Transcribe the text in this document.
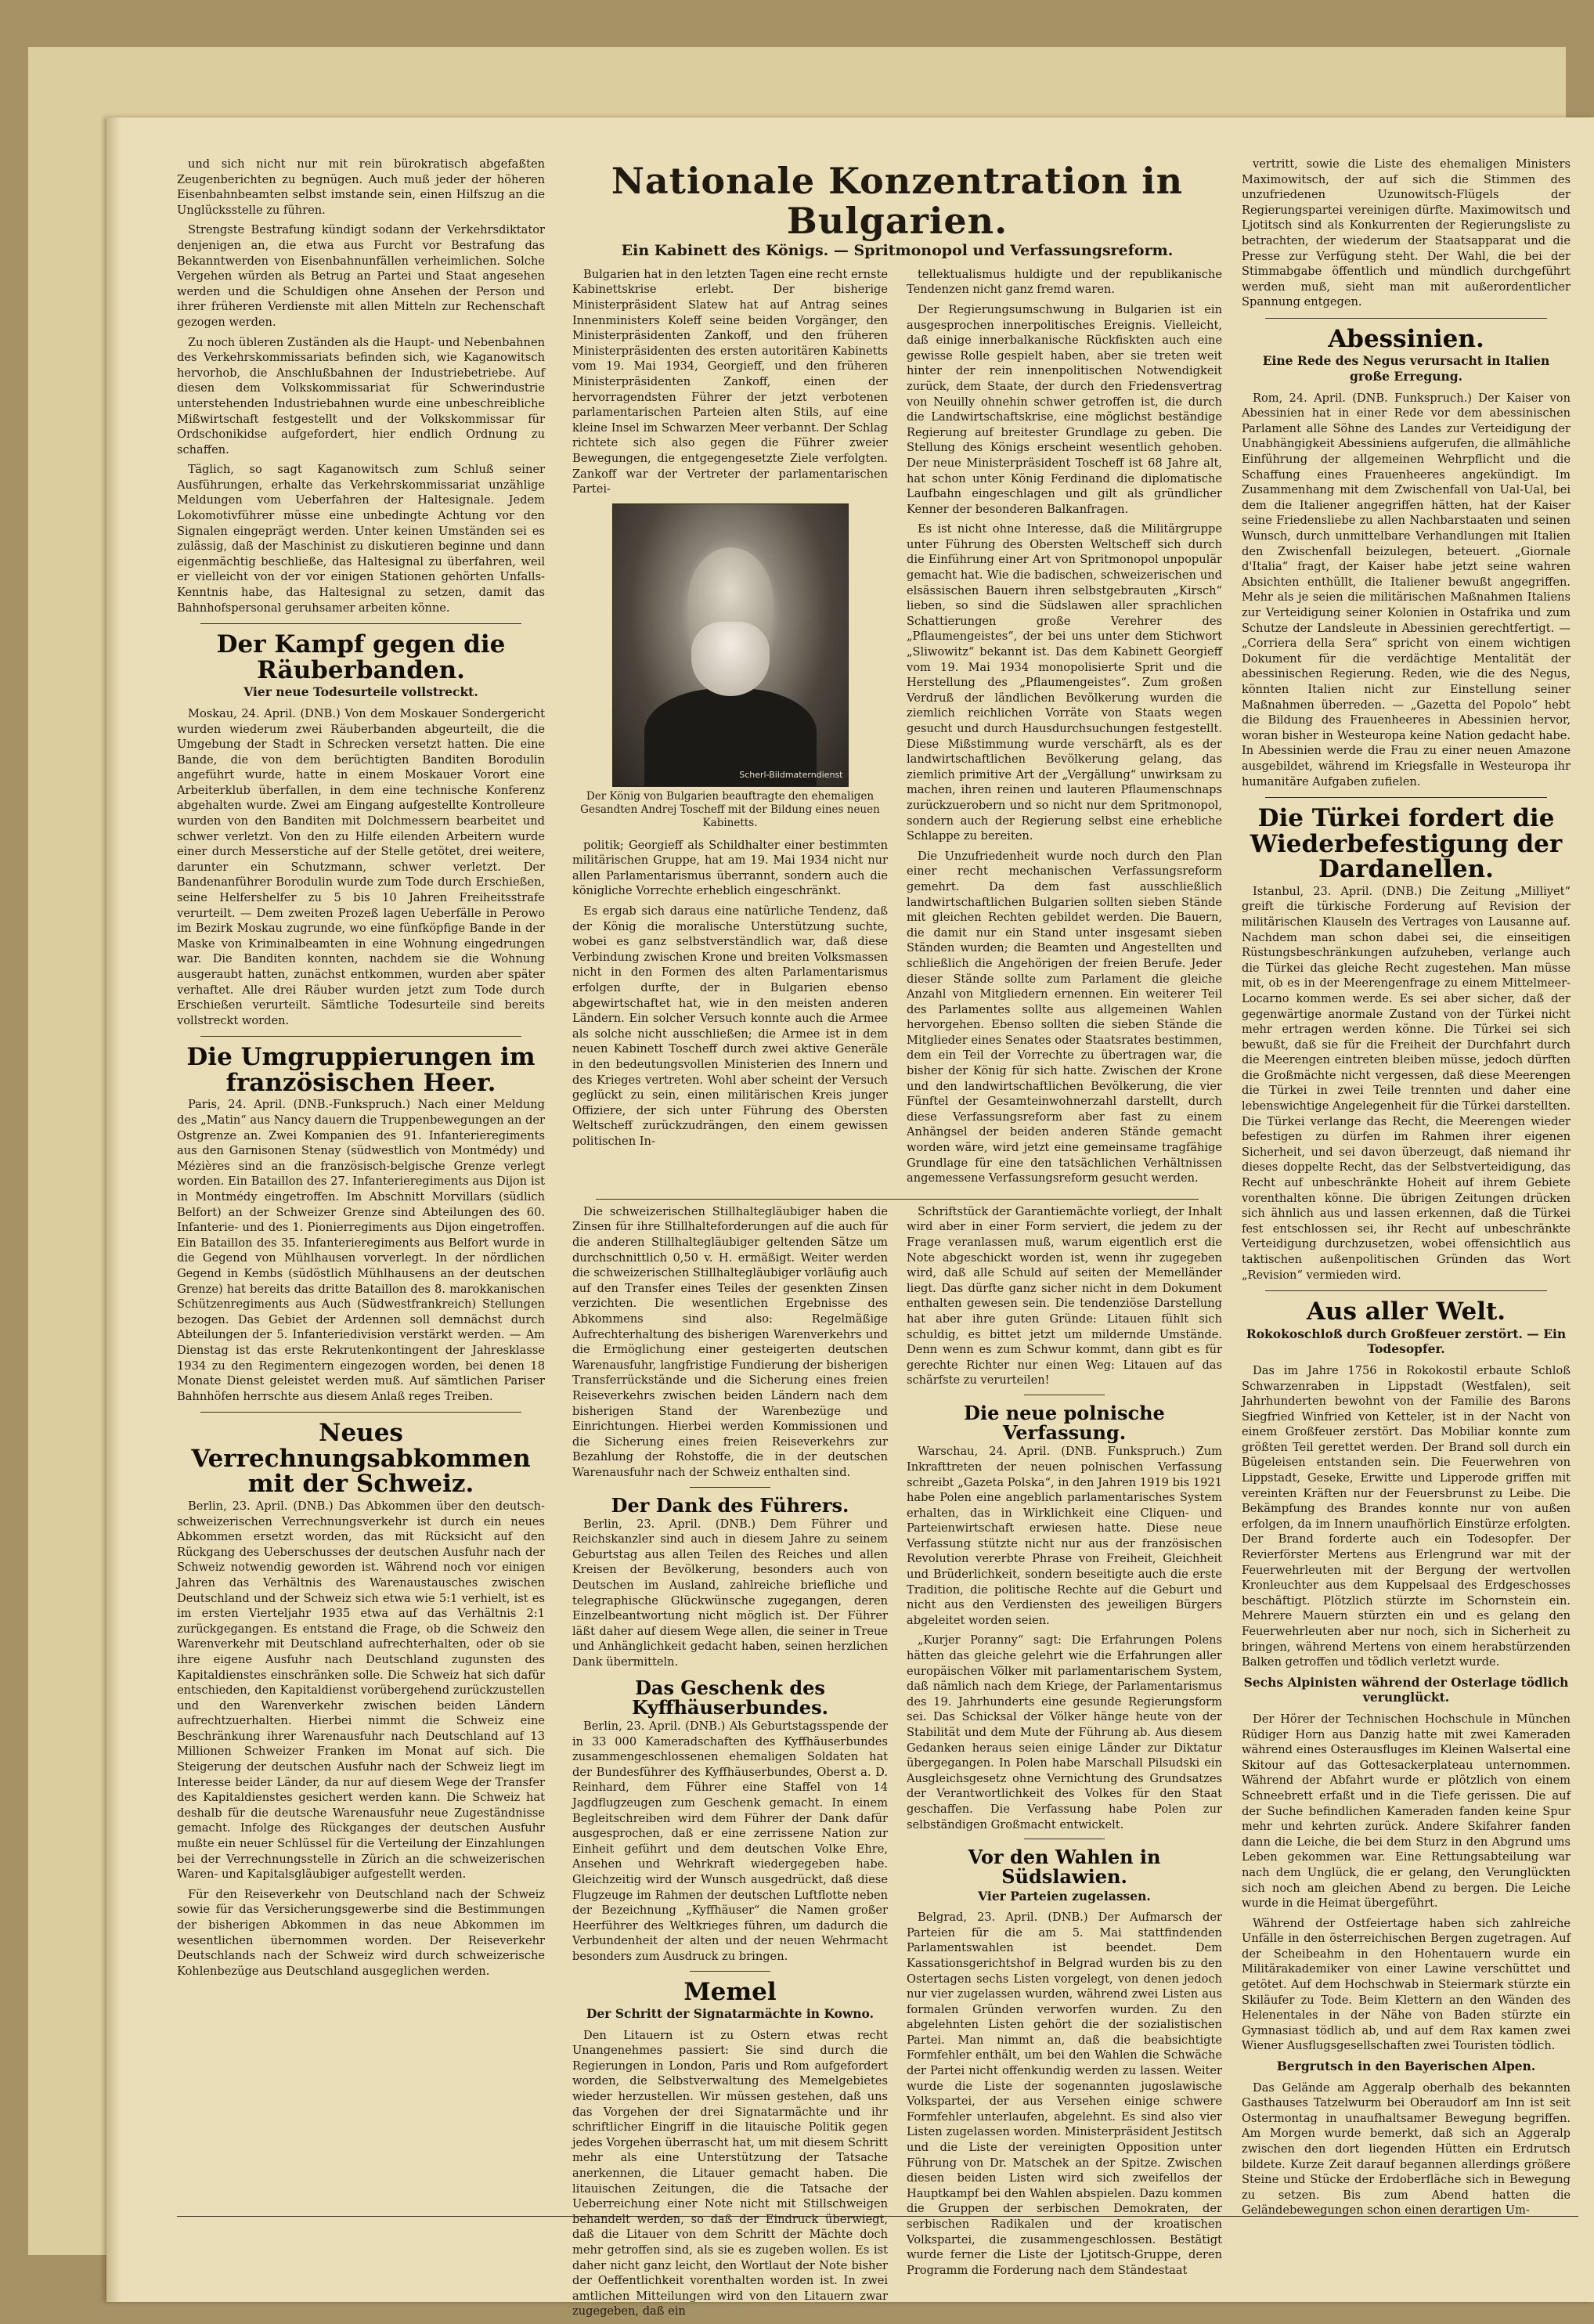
und sich nicht nur mit rein bürokratisch abgefaßten Zeugenberichten zu begnügen. Auch muß jeder der höheren Eisenbahnbeamten selbst imstande sein, einen Hilfszug an die Unglücksstelle zu führen.

Strengste Bestrafung kündigt sodann der Verkehrsdiktator denjenigen an, die etwa aus Furcht vor Bestrafung das Bekanntwerden von Eisenbahnunfällen verheimlichen. Solche Vergehen würden als Betrug an Partei und Staat angesehen werden und die Schuldigen ohne Ansehen der Person und ihrer früheren Verdienste mit allen Mitteln zur Rechenschaft gezogen werden.

Zu noch übleren Zuständen als die Haupt- und Nebenbahnen des Verkehrskommissariats befinden sich, wie Kaganowitsch hervorhob, die Anschlußbahnen der Industriebetriebe. Auf diesen dem Volkskommissariat für Schwerindustrie unterstehenden Industriebahnen wurde eine unbeschreibliche Mißwirtschaft festgestellt und der Volkskommissar für Ordschonikidse aufgefordert, hier endlich Ordnung zu schaffen.

Täglich, so sagt Kaganowitsch zum Schluß seiner Ausführungen, erhalte das Verkehrskommissariat unzählige Meldungen vom Ueberfahren der Haltesignale. Jedem Lokomotivführer müsse eine unbedingte Achtung vor den Signalen eingeprägt werden. Unter keinen Umständen sei es zulässig, daß der Maschinist zu diskutieren beginne und dann eigenmächtig beschließe, das Haltesignal zu überfahren, weil er vielleicht von der vor einigen Stationen gehörten Unfalls-Kenntnis habe, das Haltesignal zu setzen, damit das Bahnhofspersonal geruhsamer arbeiten könne.

Der Kampf gegen die Räuberbanden.
Vier neue Todesurteile vollstreckt.

Moskau, 24. April. (DNB.) Von dem Moskauer Sondergericht wurden wiederum zwei Räuberbanden abgeurteilt, die die Umgebung der Stadt in Schrecken versetzt hatten. Die eine Bande, die von dem berüchtigten Banditen Borodulin angeführt wurde, hatte in einem Moskauer Vorort eine Arbeiterklub überfallen, in dem eine technische Konferenz abgehalten wurde. Zwei am Eingang aufgestellte Kontrolleure wurden von den Banditen mit Dolchmessern bearbeitet und schwer verletzt. Von den zu Hilfe eilenden Arbeitern wurde einer durch Messerstiche auf der Stelle getötet, drei weitere, darunter ein Schutzmann, schwer verletzt. Der Bandenanführer Borodulin wurde zum Tode durch Erschießen, seine Helfershelfer zu 5 bis 10 Jahren Freiheitsstrafe verurteilt. — Dem zweiten Prozeß lagen Ueberfälle in Perowo im Bezirk Moskau zugrunde, wo eine fünfköpfige Bande in der Maske von Kriminalbeamten in eine Wohnung eingedrungen war. Die Banditen konnten, nachdem sie die Wohnung ausgeraubt hatten, zunächst entkommen, wurden aber später verhaftet. Alle drei Räuber wurden jetzt zum Tode durch Erschießen verurteilt. Sämtliche Todesurteile sind bereits vollstreckt worden.

Die Umgruppierungen im französischen Heer.

Paris, 24. April. (DNB.-Funkspruch.) Nach einer Meldung des „Matin“ aus Nancy dauern die Truppenbewegungen an der Ostgrenze an. Zwei Kompanien des 91. Infanterieregiments aus den Garnisonen Stenay (südwestlich von Montmédy) und Mézières sind an die französisch-belgische Grenze verlegt worden. Ein Bataillon des 27. Infanterieregiments aus Dijon ist in Montmédy eingetroffen. Im Abschnitt Morvillars (südlich Belfort) an der Schweizer Grenze sind Abteilungen des 60. Infanterie- und des 1. Pionierregiments aus Dijon eingetroffen. Ein Bataillon des 35. Infanterieregiments aus Belfort wurde in die Gegend von Mühlhausen vorverlegt. In der nördlichen Gegend in Kembs (südöstlich Mühlhausens an der deutschen Grenze) hat bereits das dritte Bataillon des 8. marokkanischen Schützenregiments aus Auch (Südwestfrankreich) Stellungen bezogen. Das Gebiet der Ardennen soll demnächst durch Abteilungen der 5. Infanteriedivision verstärkt werden. — Am Dienstag ist das erste Rekrutenkontingent der Jahresklasse 1934 zu den Regimentern eingezogen worden, bei denen 18 Monate Dienst geleistet werden muß. Auf sämtlichen Pariser Bahnhöfen herrschte aus diesem Anlaß reges Treiben.

Neues Verrechnungsabkommen mit der Schweiz.

Berlin, 23. April. (DNB.) Das Abkommen über den deutsch-schweizerischen Verrechnungsverkehr ist durch ein neues Abkommen ersetzt worden, das mit Rücksicht auf den Rückgang des Ueberschusses der deutschen Ausfuhr nach der Schweiz notwendig geworden ist. Während noch vor einigen Jahren das Verhältnis des Warenaustausches zwischen Deutschland und der Schweiz sich etwa wie 5:1 verhielt, ist es im ersten Vierteljahr 1935 etwa auf das Verhältnis 2:1 zurückgegangen. Es entstand die Frage, ob die Schweiz den Warenverkehr mit Deutschland aufrechterhalten, oder ob sie ihre eigene Ausfuhr nach Deutschland zugunsten des Kapitaldienstes einschränken solle. Die Schweiz hat sich dafür entschieden, den Kapitaldienst vorübergehend zurückzustellen und den Warenverkehr zwischen beiden Ländern aufrechtzuerhalten. Hierbei nimmt die Schweiz eine Beschränkung ihrer Warenausfuhr nach Deutschland auf 13 Millionen Schweizer Franken im Monat auf sich. Die Steigerung der deutschen Ausfuhr nach der Schweiz liegt im Interesse beider Länder, da nur auf diesem Wege der Transfer des Kapitaldienstes gesichert werden kann. Die Schweiz hat deshalb für die deutsche Warenausfuhr neue Zugeständnisse gemacht. Infolge des Rückganges der deutschen Ausfuhr mußte ein neuer Schlüssel für die Verteilung der Einzahlungen bei der Verrechnungsstelle in Zürich an die schweizerischen Waren- und Kapitalsgläubiger aufgestellt werden.

Für den Reiseverkehr von Deutschland nach der Schweiz sowie für das Versicherungsgewerbe sind die Bestimmungen der bisherigen Abkommen in das neue Abkommen im wesentlichen übernommen worden. Der Reiseverkehr Deutschlands nach der Schweiz wird durch schweizerische Kohlenbezüge aus Deutschland ausgeglichen werden.

Nationale Konzentration in Bulgarien.
Ein Kabinett des Königs. — Spritmonopol und Verfassungsreform.

Bulgarien hat in den letzten Tagen eine recht ernste Kabinettskrise erlebt. Der bisherige Ministerpräsident Slatew hat auf Antrag seines Innenministers Koleff seine beiden Vorgänger, den Ministerpräsidenten Zankoff, und den früheren Ministerpräsidenten des ersten autoritären Kabinetts vom 19. Mai 1934, Georgieff, und den früheren Ministerpräsidenten Zankoff, einen der hervorragendsten Führer der jetzt verbotenen parlamentarischen Parteien alten Stils, auf eine kleine Insel im Schwarzen Meer verbannt. Der Schlag richtete sich also gegen die Führer zweier Bewegungen, die entgegengesetzte Ziele verfolgten. Zankoff war der Vertreter der parlamentarischen Partei-

Scherl-Bildmaterndienst
Der König von Bulgarien beauftragte den ehemaligen Gesandten Andrej Toscheff mit der Bildung eines neuen Kabinetts.

politik; Georgieff als Schildhalter einer bestimmten militärischen Gruppe, hat am 19. Mai 1934 nicht nur allen Parlamentarismus überrannt, sondern auch die königliche Vorrechte erheblich eingeschränkt.

Es ergab sich daraus eine natürliche Tendenz, daß der König die moralische Unterstützung suchte, wobei es ganz selbstverständlich war, daß diese Verbindung zwischen Krone und breiten Volksmassen nicht in den Formen des alten Parlamentarismus erfolgen durfte, der in Bulgarien ebenso abgewirtschaftet hat, wie in den meisten anderen Ländern. Ein solcher Versuch konnte auch die Armee als solche nicht ausschließen; die Armee ist in dem neuen Kabinett Toscheff durch zwei aktive Generäle in den bedeutungsvollen Ministerien des Innern und des Krieges vertreten. Wohl aber scheint der Versuch geglückt zu sein, einen militärischen Kreis junger Offiziere, der sich unter Führung des Obersten Weltscheff zurückzudrängen, den einem gewissen politischen In-

tellektualismus huldigte und der republikanische Tendenzen nicht ganz fremd waren.

Der Regierungsumschwung in Bulgarien ist ein ausgesprochen innerpolitisches Ereignis. Vielleicht, daß einige innerbalkanische Rückfiskten auch eine gewisse Rolle gespielt haben, aber sie treten weit hinter der rein innenpolitischen Notwendigkeit zurück, dem Staate, der durch den Friedensvertrag von Neuilly ohnehin schwer getroffen ist, die durch die Landwirtschaftskrise, eine möglichst beständige Regierung auf breitester Grundlage zu geben. Die Stellung des Königs erscheint wesentlich gehoben. Der neue Ministerpräsident Toscheff ist 68 Jahre alt, hat schon unter König Ferdinand die diplomatische Laufbahn eingeschlagen und gilt als gründlicher Kenner der besonderen Balkanfragen.

Es ist nicht ohne Interesse, daß die Militärgruppe unter Führung des Obersten Weltscheff sich durch die Einführung einer Art von Spritmonopol unpopulär gemacht hat. Wie die badischen, schweizerischen und elsässischen Bauern ihren selbstgebrauten „Kirsch“ lieben, so sind die Südslawen aller sprachlichen Schattierungen große Verehrer des „Pflaumengeistes“, der bei uns unter dem Stichwort „Sliwowitz“ bekannt ist. Das dem Kabinett Georgieff vom 19. Mai 1934 monopolisierte Sprit und die Herstellung des „Pflaumengeistes“. Zum großen Verdruß der ländlichen Bevölkerung wurden die ziemlich reichlichen Vorräte von Staats wegen gesucht und durch Hausdurchsuchungen festgestellt. Diese Mißstimmung wurde verschärft, als es der landwirtschaftlichen Bevölkerung gelang, das ziemlich primitive Art der „Vergällung“ unwirksam zu machen, ihren reinen und lauteren Pflaumenschnaps zurückzuerobern und so nicht nur dem Spritmonopol, sondern auch der Regierung selbst eine erhebliche Schlappe zu bereiten.

Die Unzufriedenheit wurde noch durch den Plan einer recht mechanischen Verfassungsreform gemehrt. Da dem fast ausschließlich landwirtschaftlichen Bulgarien sollten sieben Stände mit gleichen Rechten gebildet werden. Die Bauern, die damit nur ein Stand unter insgesamt sieben Ständen wurden; die Beamten und Angestellten und schließlich die Angehörigen der freien Berufe. Jeder dieser Stände sollte zum Parlament die gleiche Anzahl von Mitgliedern ernennen. Ein weiterer Teil des Parlamentes sollte aus allgemeinen Wahlen hervorgehen. Ebenso sollten die sieben Stände die Mitglieder eines Senates oder Staatsrates bestimmen, dem ein Teil der Vorrechte zu übertragen war, die bisher der König für sich hatte. Zwischen der Krone und den landwirtschaftlichen Bevölkerung, die vier Fünftel der Gesamteinwohnerzahl darstellt, durch diese Verfassungsreform aber fast zu einem Anhängsel der beiden anderen Stände gemacht worden wäre, wird jetzt eine gemeinsame tragfähige Grundlage für eine den tatsächlichen Verhältnissen angemessene Verfassungsreform gesucht werden.

Die schweizerischen Stillhaltegläubiger haben die Zinsen für ihre Stillhalteforderungen auf die auch für die anderen Stillhaltegläubiger geltenden Sätze um durchschnittlich 0,50 v. H. ermäßigt. Weiter werden die schweizerischen Stillhaltegläubiger vorläufig auch auf den Transfer eines Teiles der gesenkten Zinsen verzichten. Die wesentlichen Ergebnisse des Abkommens sind also: Regelmäßige Aufrechterhaltung des bisherigen Warenverkehrs und die Ermöglichung einer gesteigerten deutschen Warenausfuhr, langfristige Fundierung der bisherigen Transferrückstände und die Sicherung eines freien Reiseverkehrs zwischen beiden Ländern nach dem bisherigen Stand der Warenbezüge und Einrichtungen. Hierbei werden Kommissionen und die Sicherung eines freien Reiseverkehrs zur Bezahlung der Rohstoffe, die in der deutschen Warenausfuhr nach der Schweiz enthalten sind.

Der Dank des Führers.

Berlin, 23. April. (DNB.) Dem Führer und Reichskanzler sind auch in diesem Jahre zu seinem Geburtstag aus allen Teilen des Reiches und allen Kreisen der Bevölkerung, besonders auch von Deutschen im Ausland, zahlreiche briefliche und telegraphische Glückwünsche zugegangen, deren Einzelbeantwortung nicht möglich ist. Der Führer läßt daher auf diesem Wege allen, die seiner in Treue und Anhänglichkeit gedacht haben, seinen herzlichen Dank übermitteln.

Das Geschenk des Kyffhäuserbundes.

Berlin, 23. April. (DNB.) Als Geburtstagsspende der in 33 000 Kameradschaften des Kyffhäuserbundes zusammengeschlossenen ehemaligen Soldaten hat der Bundesführer des Kyffhäuserbundes, Oberst a. D. Reinhard, dem Führer eine Staffel von 14 Jagdflugzeugen zum Geschenk gemacht. In einem Begleitschreiben wird dem Führer der Dank dafür ausgesprochen, daß er eine zerrissene Nation zur Einheit geführt und dem deutschen Volke Ehre, Ansehen und Wehrkraft wiedergegeben habe. Gleichzeitig wird der Wunsch ausgedrückt, daß diese Flugzeuge im Rahmen der deutschen Luftflotte neben der Bezeichnung „Kyffhäuser“ die Namen großer Heerführer des Weltkrieges führen, um dadurch die Verbundenheit der alten und der neuen Wehrmacht besonders zum Ausdruck zu bringen.

Memel
Der Schritt der Signatarmächte in Kowno.

Den Litauern ist zu Ostern etwas recht Unangenehmes passiert: Sie sind durch die Regierungen in London, Paris und Rom aufgefordert worden, die Selbstverwaltung des Memelgebietes wieder herzustellen. Wir müssen gestehen, daß uns das Vorgehen der drei Signatarmächte und ihr schriftlicher Eingriff in die litauische Politik gegen jedes Vorgehen überrascht hat, um mit diesem Schritt mehr als eine Unterstützung der Tatsache anerkennen, die Litauer gemacht haben. Die litauischen Zeitungen, die die Tatsache der Ueberreichung einer Note nicht mit Stillschweigen behandelt werden, so daß der Eindruck überwiegt, daß die Litauer von dem Schritt der Mächte doch mehr getroffen sind, als sie es zugeben wollen. Es ist daher nicht ganz leicht, den Wortlaut der Note bisher der Oeffentlichkeit vorenthalten worden ist. In zwei amtlichen Mitteilungen wird von den Litauern zwar zugegeben, daß ein

Schriftstück der Garantiemächte vorliegt, der Inhalt wird aber in einer Form serviert, die jedem zu der Frage veranlassen muß, warum eigentlich erst die Note abgeschickt worden ist, wenn ihr zugegeben wird, daß alle Schuld auf seiten der Memelländer liegt. Das dürfte ganz sicher nicht in dem Dokument enthalten gewesen sein. Die tendenziöse Darstellung hat aber ihre guten Gründe: Litauen fühlt sich schuldig, es bittet jetzt um mildernde Umstände. Denn wenn es zum Schwur kommt, dann gibt es für gerechte Richter nur einen Weg: Litauen auf das schärfste zu verurteilen!

Die neue polnische Verfassung.

Warschau, 24. April. (DNB. Funkspruch.) Zum Inkrafttreten der neuen polnischen Verfassung schreibt „Gazeta Polska“, in den Jahren 1919 bis 1921 habe Polen eine angeblich parlamentarisches System erhalten, das in Wirklichkeit eine Cliquen- und Parteienwirtschaft erwiesen hatte. Diese neue Verfassung stützte nicht nur aus der französischen Revolution vererbte Phrase von Freiheit, Gleichheit und Brüderlichkeit, sondern beseitigte auch die erste Tradition, die politische Rechte auf die Geburt und nicht aus den Verdiensten des jeweiligen Bürgers abgeleitet worden seien.

„Kurjer Poranny“ sagt: Die Erfahrungen Polens hätten das gleiche gelehrt wie die Erfahrungen aller europäischen Völker mit parlamentarischem System, daß nämlich nach dem Kriege, der Parlamentarismus des 19. Jahrhunderts eine gesunde Regierungsform sei. Das Schicksal der Völker hänge heute von der Stabilität und dem Mute der Führung ab. Aus diesem Gedanken heraus seien einige Länder zur Diktatur übergegangen. In Polen habe Marschall Pilsudski ein Ausgleichsgesetz ohne Vernichtung des Grundsatzes der Verantwortlichkeit des Volkes für den Staat geschaffen. Die Verfassung habe Polen zur selbständigen Großmacht entwickelt.

Vor den Wahlen in Südslawien.
Vier Parteien zugelassen.

Belgrad, 23. April. (DNB.) Der Aufmarsch der Parteien für die am 5. Mai stattfindenden Parlamentswahlen ist beendet. Dem Kassationsgerichtshof in Belgrad wurden bis zu den Ostertagen sechs Listen vorgelegt, von denen jedoch nur vier zugelassen wurden, während zwei Listen aus formalen Gründen verworfen wurden. Zu den abgelehnten Listen gehört die der sozialistischen Partei. Man nimmt an, daß die beabsichtigte Formfehler enthält, um bei den Wahlen die Schwäche der Partei nicht offenkundig werden zu lassen. Weiter wurde die Liste der sogenannten jugoslawische Volkspartei, der aus Versehen einige schwere Formfehler unterlaufen, abgelehnt. Es sind also vier Listen zugelassen worden. Ministerpräsident Jestitsch und die Liste der vereinigten Opposition unter Führung von Dr. Matschek an der Spitze. Zwischen diesen beiden Listen wird sich zweifellos der Hauptkampf bei den Wahlen abspielen. Dazu kommen die Gruppen der serbischen Demokraten, der serbischen Radikalen und der kroatischen Volkspartei, die zusammengeschlossen. Bestätigt wurde ferner die Liste der Ljotitsch-Gruppe, deren Programm die Forderung nach dem Ständestaat

vertritt, sowie die Liste des ehemaligen Ministers Maximowitsch, der auf sich die Stimmen des unzufriedenen Uzunowitsch-Flügels der Regierungspartei vereinigen dürfte. Maximowitsch und Ljotitsch sind als Konkurrenten der Regierungsliste zu betrachten, der wiederum der Staatsapparat und die Presse zur Verfügung steht. Der Wahl, die bei der Stimmabgabe öffentlich und mündlich durchgeführt werden muß, sieht man mit außerordentlicher Spannung entgegen.

Abessinien.
Eine Rede des Negus verursacht in Italien große Erregung.

Rom, 24. April. (DNB. Funkspruch.) Der Kaiser von Abessinien hat in einer Rede vor dem abessinischen Parlament alle Söhne des Landes zur Verteidigung der Unabhängigkeit Abessiniens aufgerufen, die allmähliche Einführung der allgemeinen Wehrpflicht und die Schaffung eines Frauenheeres angekündigt. Im Zusammenhang mit dem Zwischenfall von Ual-Ual, bei dem die Italiener angegriffen hätten, hat der Kaiser seine Friedensliebe zu allen Nachbarstaaten und seinen Wunsch, durch unmittelbare Verhandlungen mit Italien den Zwischenfall beizulegen, beteuert. „Giornale d'Italia“ fragt, der Kaiser habe jetzt seine wahren Absichten enthüllt, die Italiener bewußt angegriffen. Mehr als je seien die militärischen Maßnahmen Italiens zur Verteidigung seiner Kolonien in Ostafrika und zum Schutze der Landsleute in Abessinien gerechtfertigt. — „Corriera della Sera“ spricht von einem wichtigen Dokument für die verdächtige Mentalität der abessinischen Regierung. Reden, wie die des Negus, könnten Italien nicht zur Einstellung seiner Maßnahmen überreden. — „Gazetta del Popolo“ hebt die Bildung des Frauenheeres in Abessinien hervor, woran bisher in Westeuropa keine Nation gedacht habe. In Abessinien werde die Frau zu einer neuen Amazone ausgebildet, während im Kriegsfalle in Westeuropa ihr humanitäre Aufgaben zufielen.

Die Türkei fordert die Wiederbefestigung der Dardanellen.

Istanbul, 23. April. (DNB.) Die Zeitung „Milliyet“ greift die türkische Forderung auf Revision der militärischen Klauseln des Vertrages von Lausanne auf. Nachdem man schon dabei sei, die einseitigen Rüstungsbeschränkungen aufzuheben, verlange auch die Türkei das gleiche Recht zugestehen. Man müsse mit, ob es in der Meerengenfrage zu einem Mittelmeer-Locarno kommen werde. Es sei aber sicher, daß der gegenwärtige anormale Zustand von der Türkei nicht mehr ertragen werden könne. Die Türkei sei sich bewußt, daß sie für die Freiheit der Durchfahrt durch die Meerengen eintreten bleiben müsse, jedoch dürften die Großmächte nicht vergessen, daß diese Meerengen die Türkei in zwei Teile trennten und daher eine lebenswichtige Angelegenheit für die Türkei darstellten. Die Türkei verlange das Recht, die Meerengen wieder befestigen zu dürfen im Rahmen ihrer eigenen Sicherheit, und sei davon überzeugt, daß niemand ihr dieses doppelte Recht, das der Selbstverteidigung, das Recht auf unbeschränkte Hoheit auf ihrem Gebiete vorenthalten könne. Die übrigen Zeitungen drücken sich ähnlich aus und lassen erkennen, daß die Türkei fest entschlossen sei, ihr Recht auf unbeschränkte Verteidigung durchzusetzen, wobei offensichtlich aus taktischen außenpolitischen Gründen das Wort „Revision“ vermieden wird.

Aus aller Welt.
Rokokoschloß durch Großfeuer zerstört. — Ein Todesopfer.

Das im Jahre 1756 in Rokokostil erbaute Schloß Schwarzenraben in Lippstadt (Westfalen), seit Jahrhunderten bewohnt von der Familie des Barons Siegfried Winfried von Ketteler, ist in der Nacht von einem Großfeuer zerstört. Das Mobiliar konnte zum größten Teil gerettet werden. Der Brand soll durch ein Bügeleisen entstanden sein. Die Feuerwehren von Lippstadt, Geseke, Erwitte und Lipperode griffen mit vereinten Kräften nur der Feuersbrunst zu Leibe. Die Bekämpfung des Brandes konnte nur von außen erfolgen, da im Innern unaufhörlich Einstürze erfolgten. Der Brand forderte auch ein Todesopfer. Der Revierförster Mertens aus Erlengrund war mit der Feuerwehrleuten mit der Bergung der wertvollen Kronleuchter aus dem Kuppelsaal des Erdgeschosses beschäftigt. Plötzlich stürzte im Schornstein ein. Mehrere Mauern stürzten ein und es gelang den Feuerwehrleuten aber nur noch, sich in Sicherheit zu bringen, während Mertens von einem herabstürzenden Balken getroffen und tödlich verletzt wurde.

Sechs Alpinisten während der Osterlage tödlich verunglückt.

Der Hörer der Technischen Hochschule in München Rüdiger Horn aus Danzig hatte mit zwei Kameraden während eines Osterausfluges im Kleinen Walsertal eine Skitour auf das Gottesackerplateau unternommen. Während der Abfahrt wurde er plötzlich von einem Schneebrett erfaßt und in die Tiefe gerissen. Die auf der Suche befindlichen Kameraden fanden keine Spur mehr und kehrten zurück. Andere Skifahrer fanden dann die Leiche, die bei dem Sturz in den Abgrund ums Leben gekommen war. Eine Rettungsabteilung war nach dem Unglück, die er gelang, den Verunglückten sich noch am gleichen Abend zu bergen. Die Leiche wurde in die Heimat übergeführt.

Während der Ostfeiertage haben sich zahlreiche Unfälle in den österreichischen Bergen zugetragen. Auf der Scheibeahm in den Hohentauern wurde ein Militärakademiker von einer Lawine verschüttet und getötet. Auf dem Hochschwab in Steiermark stürzte ein Skiläufer zu Tode. Beim Klettern an den Wänden des Helenentales in der Nähe von Baden stürzte ein Gymnasiast tödlich ab, und auf dem Rax kamen zwei Wiener Ausflugsgesellschaften zwei Touristen tödlich.

Bergrutsch in den Bayerischen Alpen.

Das Gelände am Aggeralp oberhalb des bekannten Gasthauses Tatzelwurm bei Oberaudorf am Inn ist seit Ostermontag in unaufhaltsamer Bewegung begriffen. Am Morgen wurde bemerkt, daß sich an Aggeralp zwischen den dort liegenden Hütten ein Erdrutsch bildete. Kurze Zeit darauf begannen allerdings größere Steine und Stücke der Erdoberfläche sich in Bewegung zu setzen. Bis zum Abend hatten die Geländebewegungen schon einen derartigen Um-
